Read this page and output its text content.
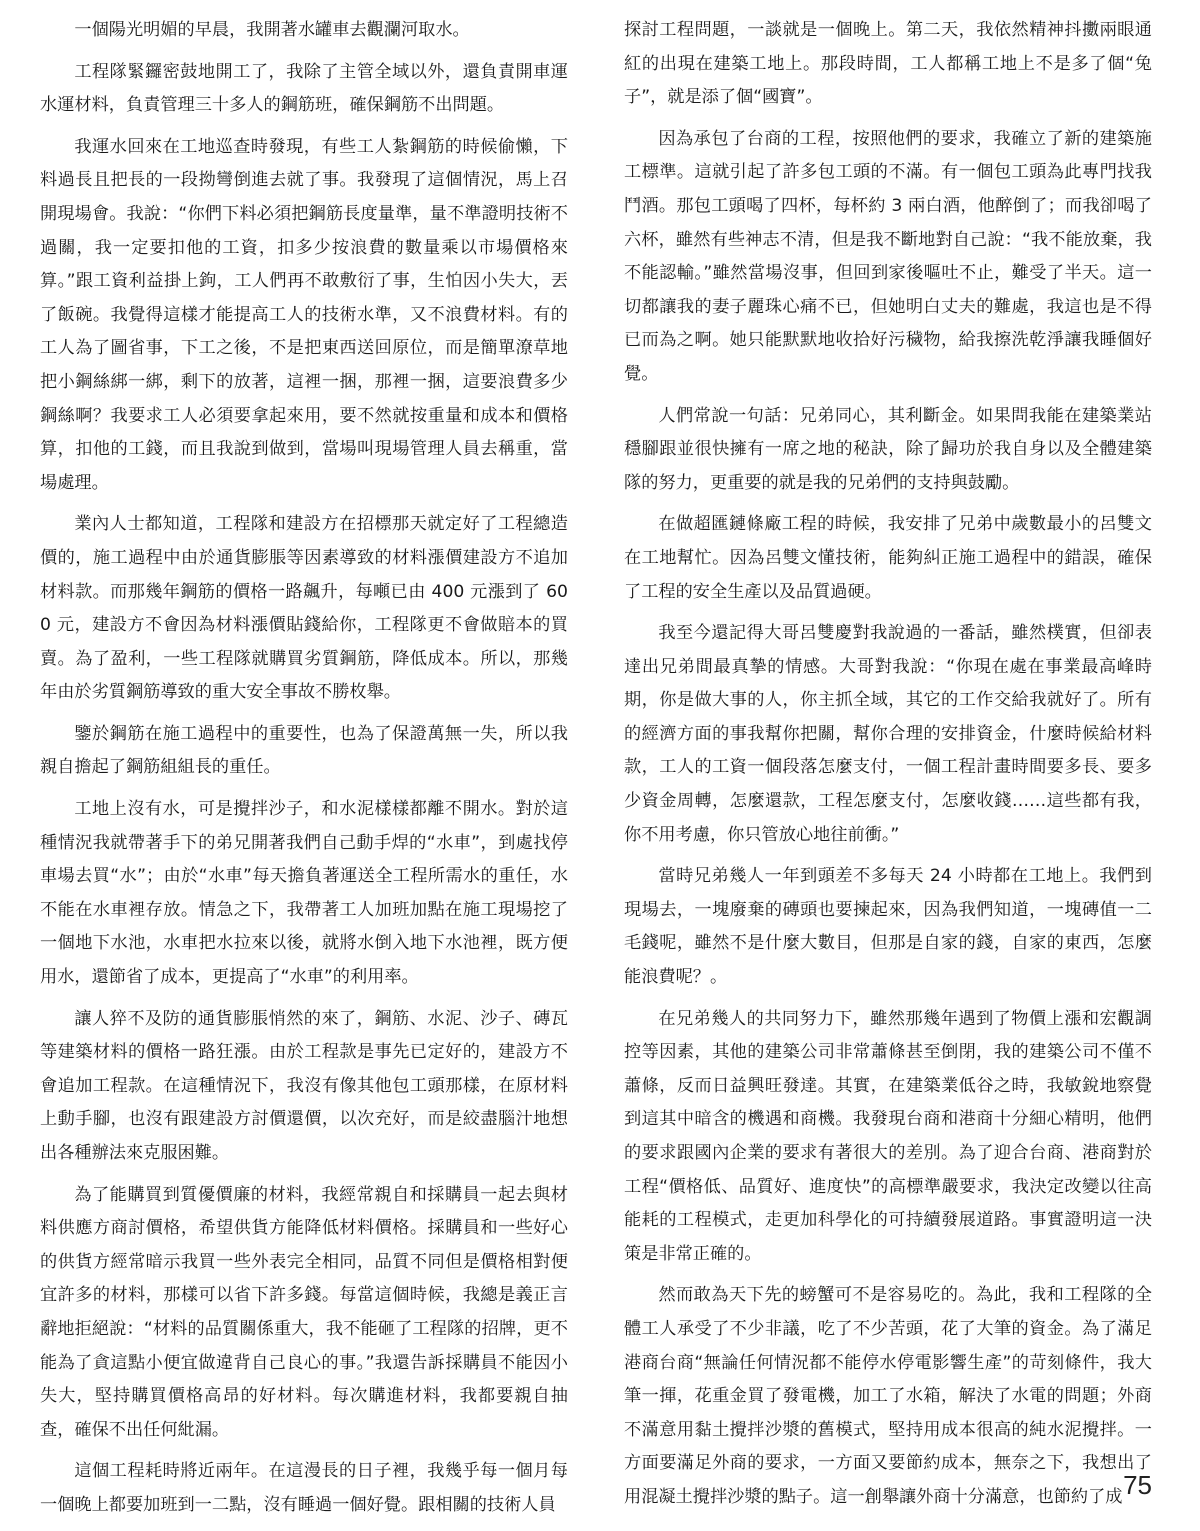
一個陽光明媚的早晨，我開著水罐車去觀瀾河取水。

工程隊緊鑼密鼓地開工了，我除了主管全域以外，還負責開車運水運材料，負責管理三十多人的鋼筋班，確保鋼筋不出問題。

我運水回來在工地巡查時發現，有些工人紮鋼筋的時候偷懶，下料過長且把長的一段拗彎倒進去就了事。我發現了這個情況，馬上召開現場會。我說：“你們下料必須把鋼筋長度量準，量不準證明技術不過關，我一定要扣他的工資，扣多少按浪費的數量乘以市場價格來算。”跟工資利益掛上鉤，工人們再不敢敷衍了事，生怕因小失大，丟了飯碗。我覺得這樣才能提高工人的技術水準，又不浪費材料。有的工人為了圖省事，下工之後，不是把東西送回原位，而是簡單潦草地把小鋼絲綁一綁，剩下的放著，這裡一捆，那裡一捆，這要浪費多少鋼絲啊？我要求工人必須要拿起來用，要不然就按重量和成本和價格算，扣他的工錢，而且我說到做到，當場叫現場管理人員去稱重，當場處理。

業內人士都知道，工程隊和建設方在招標那天就定好了工程總造價的，施工過程中由於通貨膨脹等因素導致的材料漲價建設方不追加材料款。而那幾年鋼筋的價格一路飆升，每噸已由 400 元漲到了 600 元，建設方不會因為材料漲價貼錢給你，工程隊更不會做賠本的買賣。為了盈利，一些工程隊就購買劣質鋼筋，降低成本。所以，那幾年由於劣質鋼筋導致的重大安全事故不勝枚舉。

鑒於鋼筋在施工過程中的重要性，也為了保證萬無一失，所以我親自擔起了鋼筋組組長的重任。

工地上沒有水，可是攪拌沙子，和水泥樣樣都離不開水。對於這種情況我就帶著手下的弟兄開著我們自己動手焊的“水車”，到處找停車場去買“水”；由於“水車”每天擔負著運送全工程所需水的重任，水不能在水車裡存放。情急之下，我帶著工人加班加點在施工現場挖了一個地下水池，水車把水拉來以後，就將水倒入地下水池裡，既方便用水，還節省了成本，更提高了“水車”的利用率。

讓人猝不及防的通貨膨脹悄然的來了，鋼筋、水泥、沙子、磚瓦等建築材料的價格一路狂漲。由於工程款是事先已定好的，建設方不會追加工程款。在這種情況下，我沒有像其他包工頭那樣，在原材料上動手腳，也沒有跟建設方討價還價，以次充好，而是絞盡腦汁地想出各種辦法來克服困難。

為了能購買到質優價廉的材料，我經常親自和採購員一起去與材料供應方商討價格，希望供貨方能降低材料價格。採購員和一些好心的供貨方經常暗示我買一些外表完全相同，品質不同但是價格相對便宜許多的材料，那樣可以省下許多錢。每當這個時候，我總是義正言辭地拒絕說：“材料的品質關係重大，我不能砸了工程隊的招牌，更不能為了貪這點小便宜做違背自己良心的事。”我還告訴採購員不能因小失大，堅持購買價格高昂的好材料。每次購進材料，我都要親自抽查，確保不出任何紕漏。

這個工程耗時將近兩年。在這漫長的日子裡，我幾乎每一個月每一個晚上都要加班到一二點，沒有睡過一個好覺。跟相關的技術人員

探討工程問題，一談就是一個晚上。第二天，我依然精神抖擻兩眼通紅的出現在建築工地上。那段時間，工人都稱工地上不是多了個“兔子”，就是添了個“國寶”。

因為承包了台商的工程，按照他們的要求，我確立了新的建築施工標準。這就引起了許多包工頭的不滿。有一個包工頭為此專門找我鬥酒。那包工頭喝了四杯，每杯約 3 兩白酒，他醉倒了；而我卻喝了六杯，雖然有些神志不清，但是我不斷地對自己說：“我不能放棄，我不能認輸。”雖然當場沒事，但回到家後嘔吐不止，難受了半天。這一切都讓我的妻子麗珠心痛不已，但她明白丈夫的難處，我這也是不得已而為之啊。她只能默默地收拾好污穢物，給我擦洗乾淨讓我睡個好覺。

人們常說一句話：兄弟同心，其利斷金。如果問我能在建築業站穩腳跟並很快擁有一席之地的秘訣，除了歸功於我自身以及全體建築隊的努力，更重要的就是我的兄弟們的支持與鼓勵。

在做超匯鏈條廠工程的時候，我安排了兄弟中歲數最小的呂雙文在工地幫忙。因為呂雙文懂技術，能夠糾正施工過程中的錯誤，確保了工程的安全生產以及品質過硬。

我至今還記得大哥呂雙慶對我說過的一番話，雖然樸實，但卻表達出兄弟間最真摯的情感。大哥對我說：“你現在處在事業最高峰時期，你是做大事的人，你主抓全域，其它的工作交給我就好了。所有的經濟方面的事我幫你把關，幫你合理的安排資金，什麼時候給材料款，工人的工資一個段落怎麼支付，一個工程計畫時間要多長、要多少資金周轉，怎麼還款，工程怎麼支付，怎麼收錢……這些都有我，你不用考慮，你只管放心地往前衝。”

當時兄弟幾人一年到頭差不多每天 24 小時都在工地上。我們到現場去，一塊廢棄的磚頭也要揀起來，因為我們知道，一塊磚值一二毛錢呢，雖然不是什麼大數目，但那是自家的錢，自家的東西，怎麼能浪費呢？。

在兄弟幾人的共同努力下，雖然那幾年遇到了物價上漲和宏觀調控等因素，其他的建築公司非常蕭條甚至倒閉，我的建築公司不僅不蕭條，反而日益興旺發達。其實，在建築業低谷之時，我敏銳地察覺到這其中暗含的機遇和商機。我發現台商和港商十分細心精明，他們的要求跟國內企業的要求有著很大的差別。為了迎合台商、港商對於工程“價格低、品質好、進度快”的高標準嚴要求，我決定改變以往高能耗的工程模式，走更加科學化的可持續發展道路。事實證明這一決策是非常正確的。

然而敢為天下先的螃蟹可不是容易吃的。為此，我和工程隊的全體工人承受了不少非議，吃了不少苦頭，花了大筆的資金。為了滿足港商台商“無論任何情況都不能停水停電影響生產”的苛刻條件，我大筆一揮，花重金買了發電機，加工了水箱，解決了水電的問題；外商不滿意用黏土攪拌沙漿的舊模式，堅持用成本很高的純水泥攪拌。一方面要滿足外商的要求，一方面又要節約成本，無奈之下，我想出了用混凝土攪拌沙漿的點子。這一創舉讓外商十分滿意，也節約了成 75
